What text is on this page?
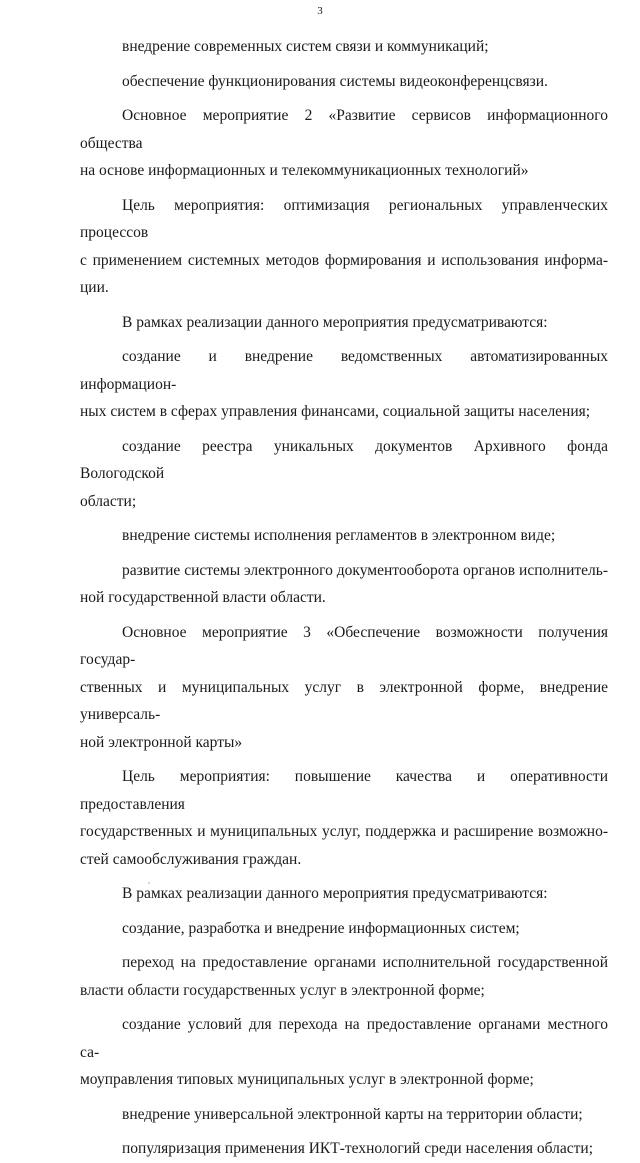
3
внедрение современных систем связи и коммуникаций;
обеспечение функционирования системы видеоконференцсвязи.
Основное мероприятие 2 «Развитие сервисов информационного общества
на основе информационных и телекоммуникационных технологий»
Цель мероприятия: оптимизация региональных управленческих процессов
с применением системных методов формирования и использования информа-
ции.
В рамках реализации данного мероприятия предусматриваются:
создание и внедрение ведомственных автоматизированных информацион-
ных систем в сферах управления финансами, социальной защиты населения;
создание реестра уникальных документов Архивного фонда Вологодской
области;
внедрение системы исполнения регламентов в электронном виде;
развитие системы электронного документооборота органов исполнитель-
ной государственной власти области.
Основное мероприятие 3 «Обеспечение возможности получения государ-
ственных и муниципальных услуг в электронной форме, внедрение универсаль-
ной электронной карты»
Цель мероприятия: повышение качества и оперативности предоставления
государственных и муниципальных услуг, поддержка и расширение возможно-
стей самообслуживания граждан.
В рамках реализации данного мероприятия предусматриваются:
создание, разработка и внедрение информационных систем;
переход на предоставление органами исполнительной государственной
власти области государственных услуг в электронной форме;
создание условий для перехода на предоставление органами местного са-
моуправления типовых муниципальных услуг в электронной форме;
внедрение универсальной электронной карты на территории области;
популяризация применения ИКТ-технологий среди населения области;
